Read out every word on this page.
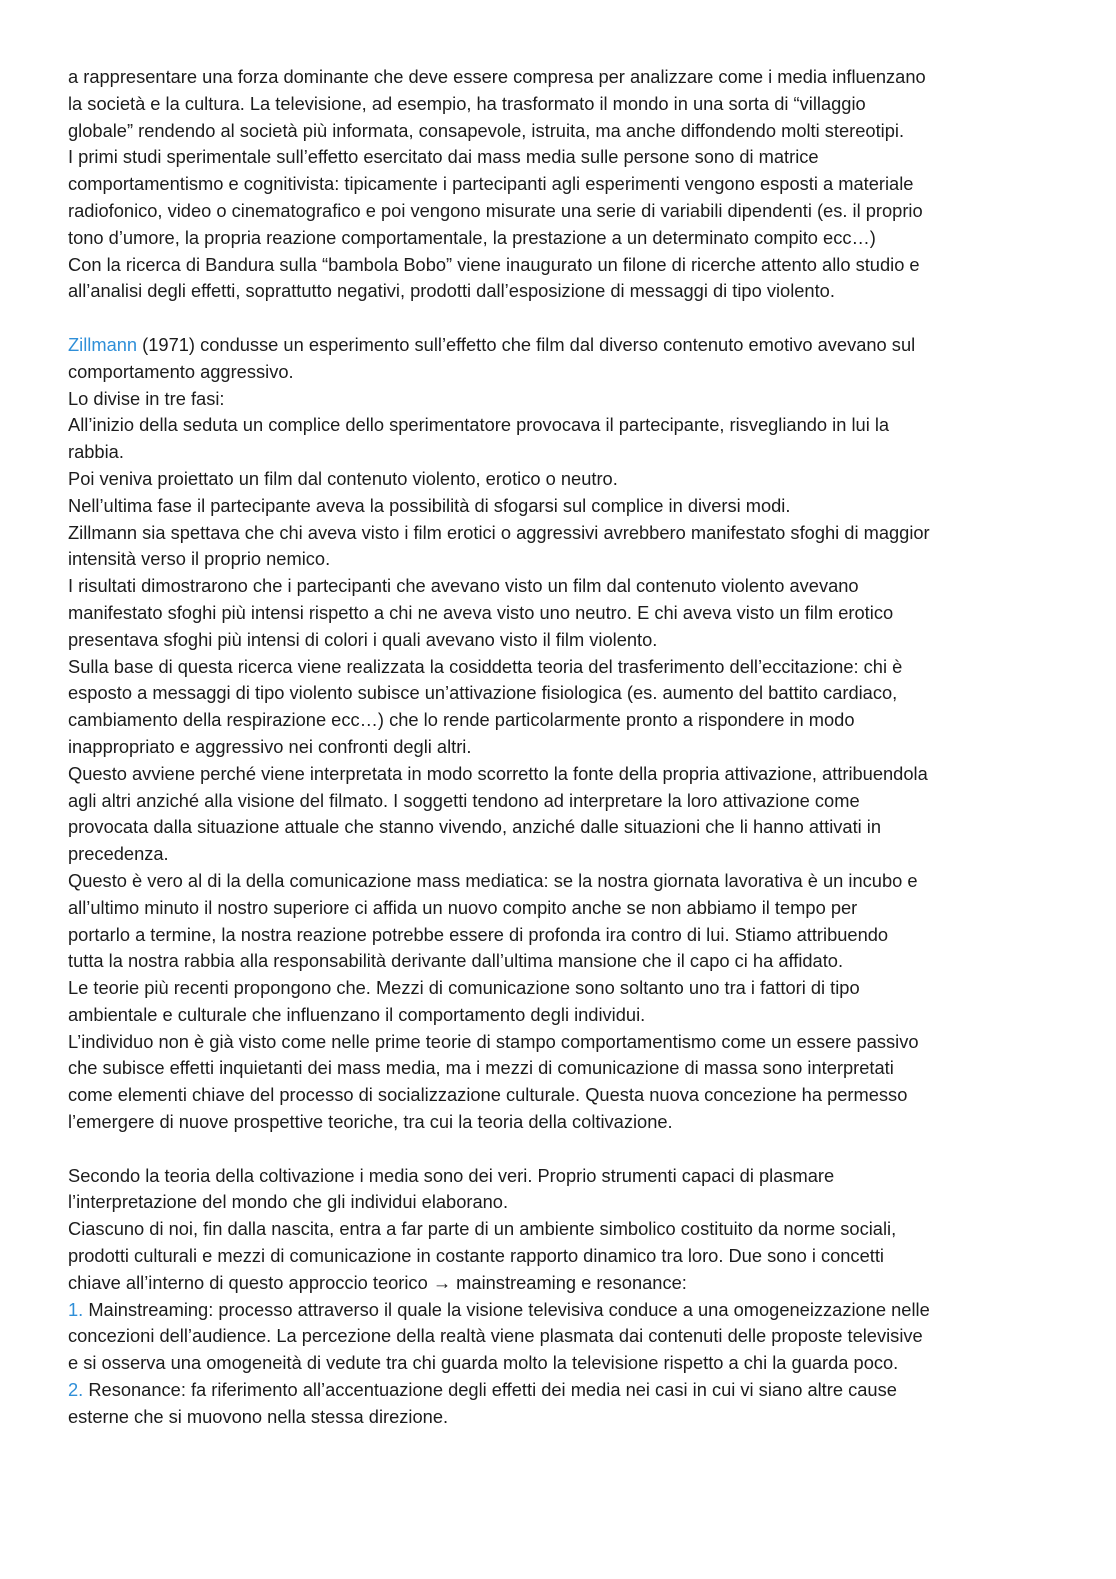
a rappresentare una forza dominante che deve essere compresa per analizzare come i media influenzano
la società e la cultura. La televisione, ad esempio, ha trasformato il mondo in una sorta di “villaggio
globale” rendendo al società più informata, consapevole, istruita, ma anche diffondendo molti stereotipi.
I primi studi sperimentale sull’effetto esercitato dai mass media sulle persone sono di matrice
comportamentismo e cognitivista: tipicamente i partecipanti agli esperimenti vengono esposti a materiale
radiofonico, video o cinematografico e poi vengono misurate una serie di variabili dipendenti (es. il proprio
tono d’umore, la propria reazione comportamentale, la prestazione a un determinato compito ecc…)
Con la ricerca di Bandura sulla “bambola Bobo” viene inaugurato un filone di ricerche attento allo studio e
all’analisi degli effetti, soprattutto negativi, prodotti dall’esposizione di messaggi di tipo violento.
Zillmann (1971) condusse un esperimento sull’effetto che film dal diverso contenuto emotivo avevano sul
comportamento aggressivo.
Lo divise in tre fasi:
All’inizio della seduta un complice dello sperimentatore provocava il partecipante, risvegliando in lui la
rabbia.
Poi veniva proiettato un film dal contenuto violento, erotico o neutro.
Nell’ultima fase il partecipante aveva la possibilità di sfogarsi sul complice in diversi modi.
Zillmann sia spettava che chi aveva visto i film erotici o aggressivi avrebbero manifestato sfoghi di maggior
intensità verso il proprio nemico.
I risultati dimostrarono che i partecipanti che avevano visto un film dal contenuto violento avevano
manifestato sfoghi più intensi rispetto a chi ne aveva visto uno neutro. E chi aveva visto un film erotico
presentava sfoghi più intensi di colori i quali avevano visto il film violento.
Sulla base di questa ricerca viene realizzata la cosiddetta teoria del trasferimento dell’eccitazione: chi è
esposto a messaggi di tipo violento subisce un’attivazione fisiologica (es. aumento del battito cardiaco,
cambiamento della respirazione ecc…) che lo rende particolarmente pronto a rispondere in modo
inappropriato e aggressivo nei confronti degli altri.
Questo avviene perché viene interpretata in modo scorretto la fonte della propria attivazione, attribuendola
agli altri anziché alla visione del filmato. I soggetti tendono ad interpretare la loro attivazione come
provocata dalla situazione attuale che stanno vivendo, anziché dalle situazioni che li hanno attivati in
precedenza.
Questo è vero al di la della comunicazione mass mediatica: se la nostra giornata lavorativa è un incubo e
all’ultimo minuto il nostro superiore ci affida un nuovo compito anche se non abbiamo il tempo per
portarlo a termine, la nostra reazione potrebbe essere di profonda ira contro di lui. Stiamo attribuendo
tutta la nostra rabbia alla responsabilità derivante dall’ultima mansione che il capo ci ha affidato.
Le teorie più recenti propongono che. Mezzi di comunicazione sono soltanto uno tra i fattori di tipo
ambientale e culturale che influenzano il comportamento degli individui.
L’individuo non è già visto come nelle prime teorie di stampo comportamentismo come un essere passivo
che subisce effetti inquietanti dei mass media, ma i mezzi di comunicazione di massa sono interpretati
come elementi chiave del processo di socializzazione culturale. Questa nuova concezione ha permesso
l’emergere di nuove prospettive teoriche, tra cui la teoria della coltivazione.
Secondo la teoria della coltivazione i media sono dei veri. Proprio strumenti capaci di plasmare
l’interpretazione del mondo che gli individui elaborano.
Ciascuno di noi, fin dalla nascita, entra a far parte di un ambiente simbolico costituito da norme sociali,
prodotti culturali e mezzi di comunicazione in costante rapporto dinamico tra loro. Due sono i concetti
chiave all’interno di questo approccio teorico → mainstreaming e resonance:
1. Mainstreaming: processo attraverso il quale la visione televisiva conduce a una omogeneizzazione nelle
concezioni dell’audience. La percezione della realtà viene plasmata dai contenuti delle proposte televisive
e si osserva una omogeneità di vedute tra chi guarda molto la televisione rispetto a chi la guarda poco.
2. Resonance: fa riferimento all’accentuazione degli effetti dei media nei casi in cui vi siano altre cause
esterne che si muovono nella stessa direzione.
